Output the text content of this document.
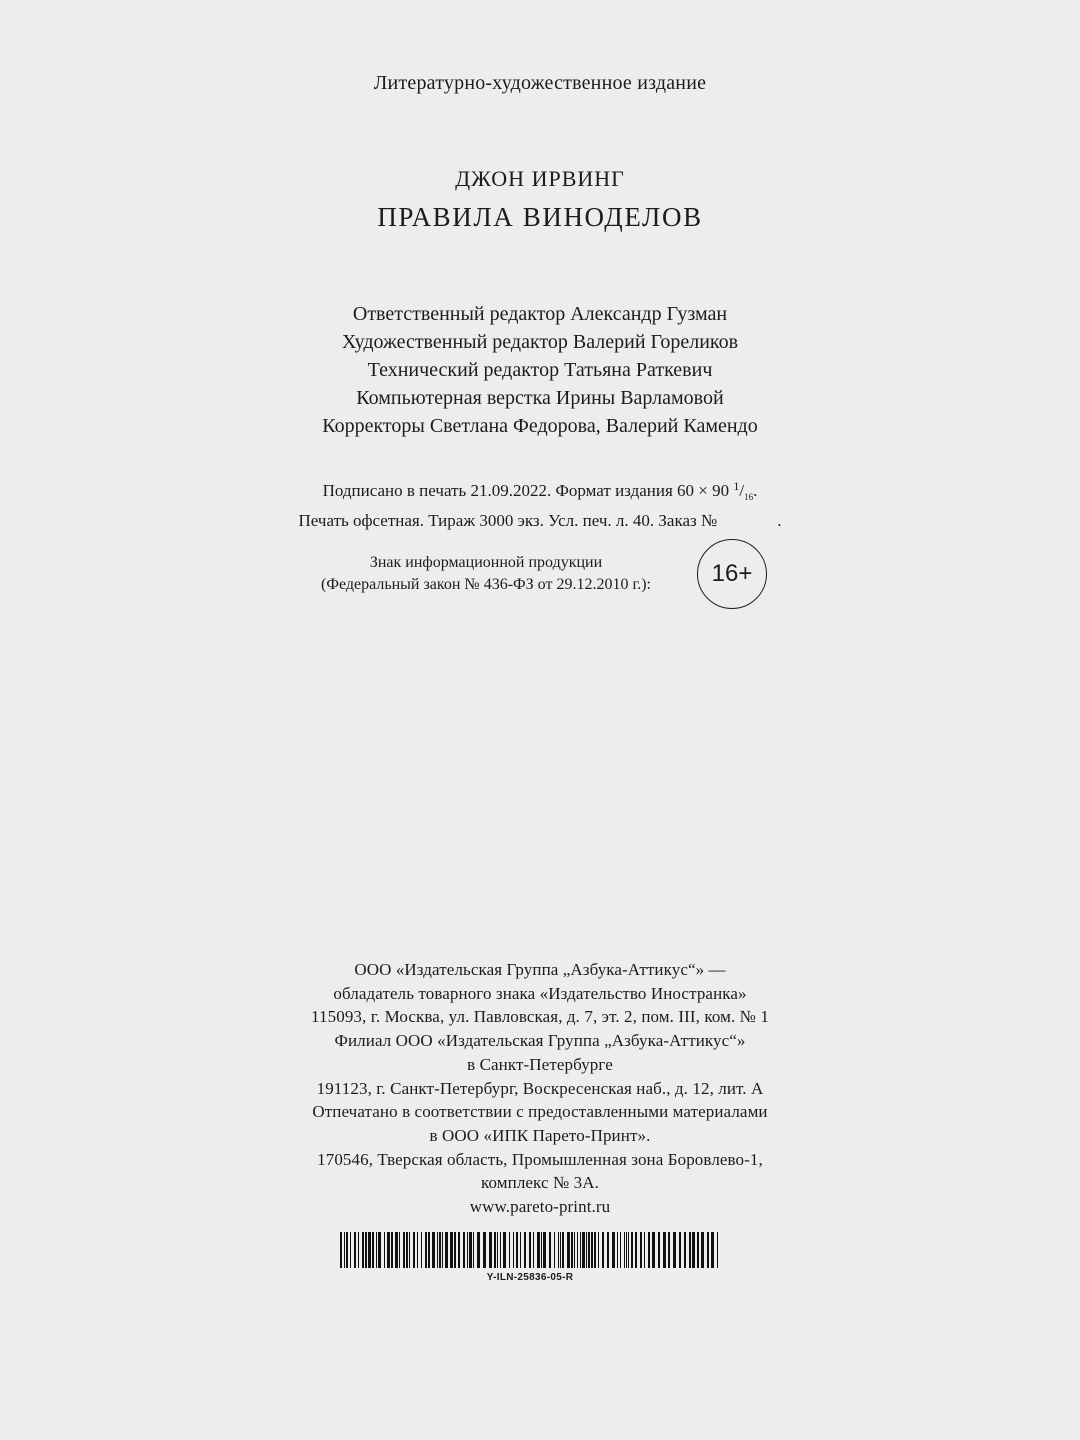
Литературно-художественное издание
ДЖОН ИРВИНГ
ПРАВИЛА ВИНОДЕЛОВ
Ответственный редактор Александр Гузман
Художественный редактор Валерий Гореликов
Технический редактор Татьяна Раткевич
Компьютерная верстка Ирины Варламовой
Корректоры Светлана Федорова, Валерий Камендо
Подписано в печать 21.09.2022. Формат издания 60 × 90 $^1/_{16}$.
Печать офсетная. Тираж 3000 экз. Усл. печ. л. 40. Заказ №	.
Знак информационной продукции
(Федеральный закон № 436-ФЗ от 29.12.2010 г.):	16+
ООО «Издательская Группа „Азбука-Аттикус“» —
обладатель товарного знака «Издательство Иностранка»
115093, г. Москва, ул. Павловская, д. 7, эт. 2, пом. III, ком. № 1
Филиал ООО «Издательская Группа „Азбука-Аттикус“»
в Санкт-Петербурге
191123, г. Санкт-Петербург, Воскресенская наб., д. 12, лит. А
Отпечатано в соответствии с предоставленными материалами
в ООО «ИПК Парето-Принт».
170546, Тверская область, Промышленная зона Боровлево-1,
комплекс № 3А.
www.pareto-print.ru
Y-ILN-25836-05-R
